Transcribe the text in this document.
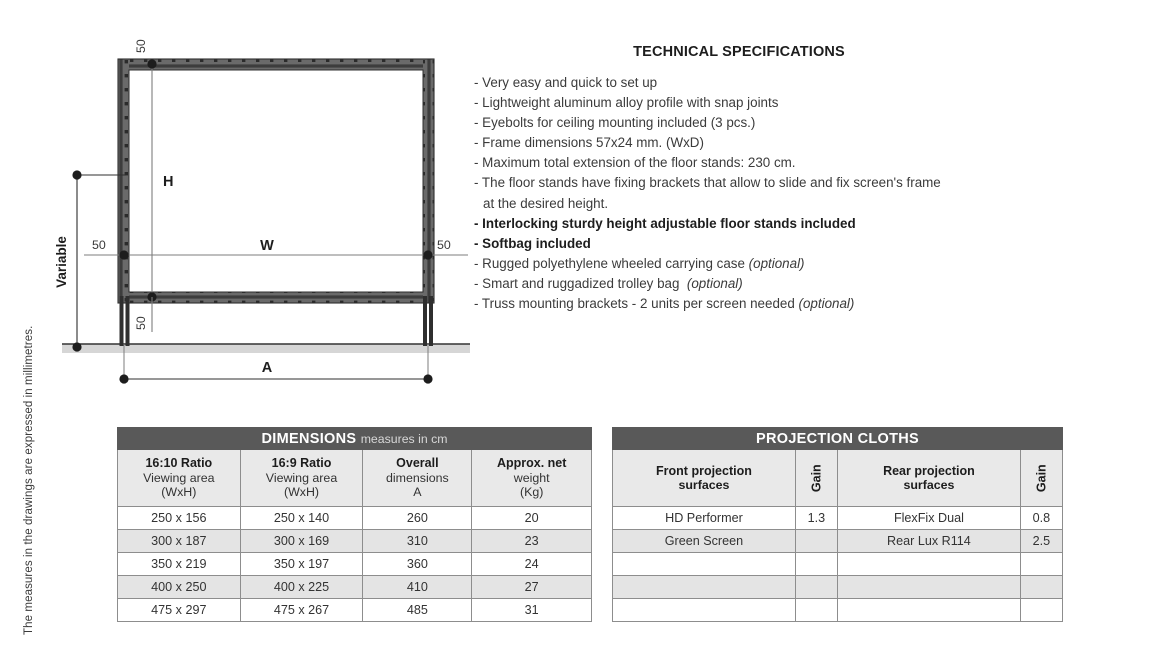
The measures in the drawings are expressed in millimetres.
H
W
50	50
50
50
Variable
A
TECHNICAL SPECIFICATIONS
- Very easy and quick to set up
- Lightweight aluminum alloy profile with snap joints
- Eyebolts for ceiling mounting included (3 pcs.)
- Frame dimensions 57x24 mm. (WxD)
- Maximum total extension of the floor stands: 230 cm.
- The floor stands have fixing brackets that allow to slide and fix screen's frame
at the desired height.
- Interlocking sturdy height adjustable floor stands included
- Softbag included
- Rugged polyethylene wheeled carrying case (optional)
- Smart and ruggadized trolley bag  (optional)
- Truss mounting brackets - 2 units per screen needed (optional)
DIMENSIONS measures in cm			

16:10 Ratio
Viewing area
(WxH)	16:9 Ratio
Viewing area
(WxH)	Overall
dimensions
A	Approx. net
weight
(Kg)

250 x 156	250 x 140	260	20
300 x 187	300 x 169	310	23
350 x 219	350 x 197	360	24
400 x 250	400 x 225	410	27
475 x 297	475 x 267	485	31
PROJECTION CLOTHS			

Front projection
surfaces	Gain	Rear projection
surfaces	Gain
HD Performer	1.3	FlexFix Dual	0.8
Green Screen		Rear Lux R114	2.5
